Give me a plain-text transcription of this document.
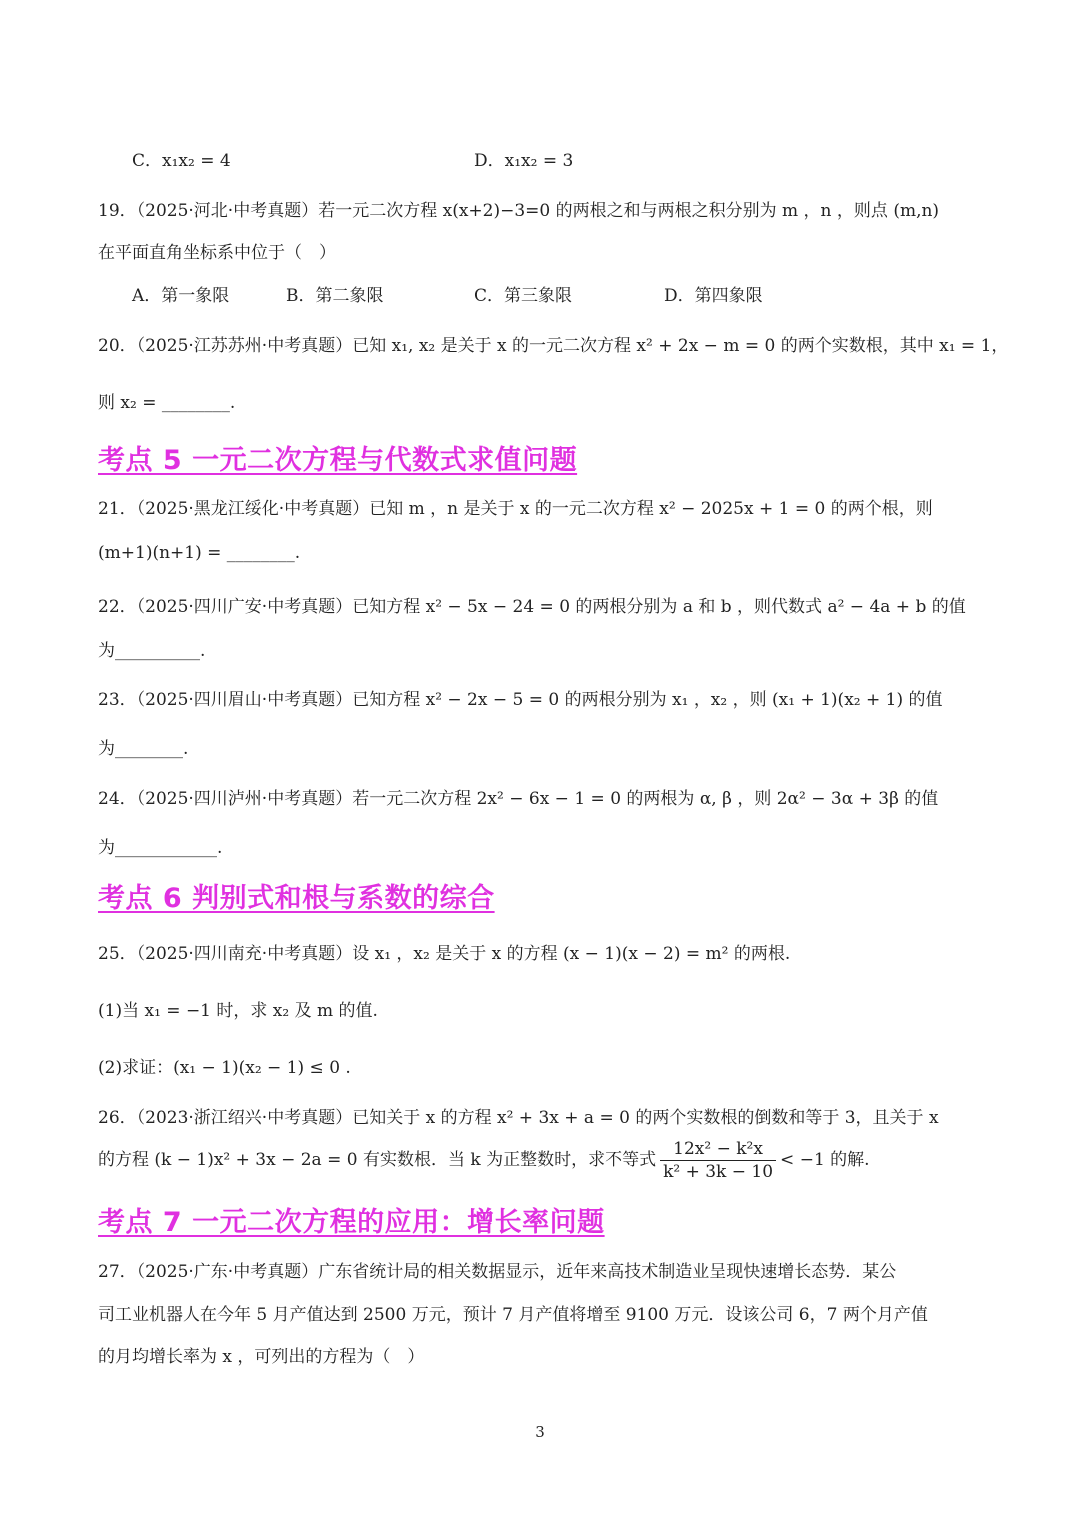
C．x₁x₂ = 4	D．x₁x₂ = 3
19．（2025·河北·中考真题）若一元二次方程 x(x+2)−3=0 的两根之和与两根之积分别为 m ，n ，则点 (m,n)
在平面直角坐标系中位于（　）
A．第一象限	B．第二象限	C．第三象限	D．第四象限
20．（2025·江苏苏州·中考真题）已知 x₁, x₂ 是关于 x 的一元二次方程 x² + 2x − m = 0 的两个实数根，其中 x₁ = 1，
则 x₂ = ________.
考点 5 一元二次方程与代数式求值问题
21．（2025·黑龙江绥化·中考真题）已知 m ，n 是关于 x 的一元二次方程 x² − 2025x + 1 = 0 的两个根，则
(m+1)(n+1) = ________.
22．（2025·四川广安·中考真题）已知方程 x² − 5x − 24 = 0 的两根分别为 a 和 b ，则代数式 a² − 4a + b 的值
为__________.
23．（2025·四川眉山·中考真题）已知方程 x² − 2x − 5 = 0 的两根分别为 x₁ ，x₂ ，则 (x₁ + 1)(x₂ + 1) 的值
为________.
24．（2025·四川泸州·中考真题）若一元二次方程 2x² − 6x − 1 = 0 的两根为 α, β ，则 2α² − 3α + 3β 的值
为____________.
考点 6 判别式和根与系数的综合
25．（2025·四川南充·中考真题）设 x₁ ，x₂ 是关于 x 的方程 (x − 1)(x − 2) = m² 的两根.
(1)当 x₁ = −1 时，求 x₂ 及 m 的值.
(2)求证：(x₁ − 1)(x₂ − 1) ≤ 0 .
26．（2023·浙江绍兴·中考真题）已知关于 x 的方程 x² + 3x + a = 0 的两个实数根的倒数和等于 3，且关于 x
的方程 (k − 1)x² + 3x − 2a = 0 有实数根．当 k 为正整数时，求不等式 $\frac{\text{12x² − k²x}}{\text{k² + 3k − 10}} < -1$ 的解.
考点 7 一元二次方程的应用：增长率问题
27．（2025·广东·中考真题）广东省统计局的相关数据显示，近年来高技术制造业呈现快速增长态势．某公
司工业机器人在今年 5 月产值达到 2500 万元，预计 7 月产值将增至 9100 万元．设该公司 6，7 两个月产值
的月均增长率为 x ，可列出的方程为（　）
3
